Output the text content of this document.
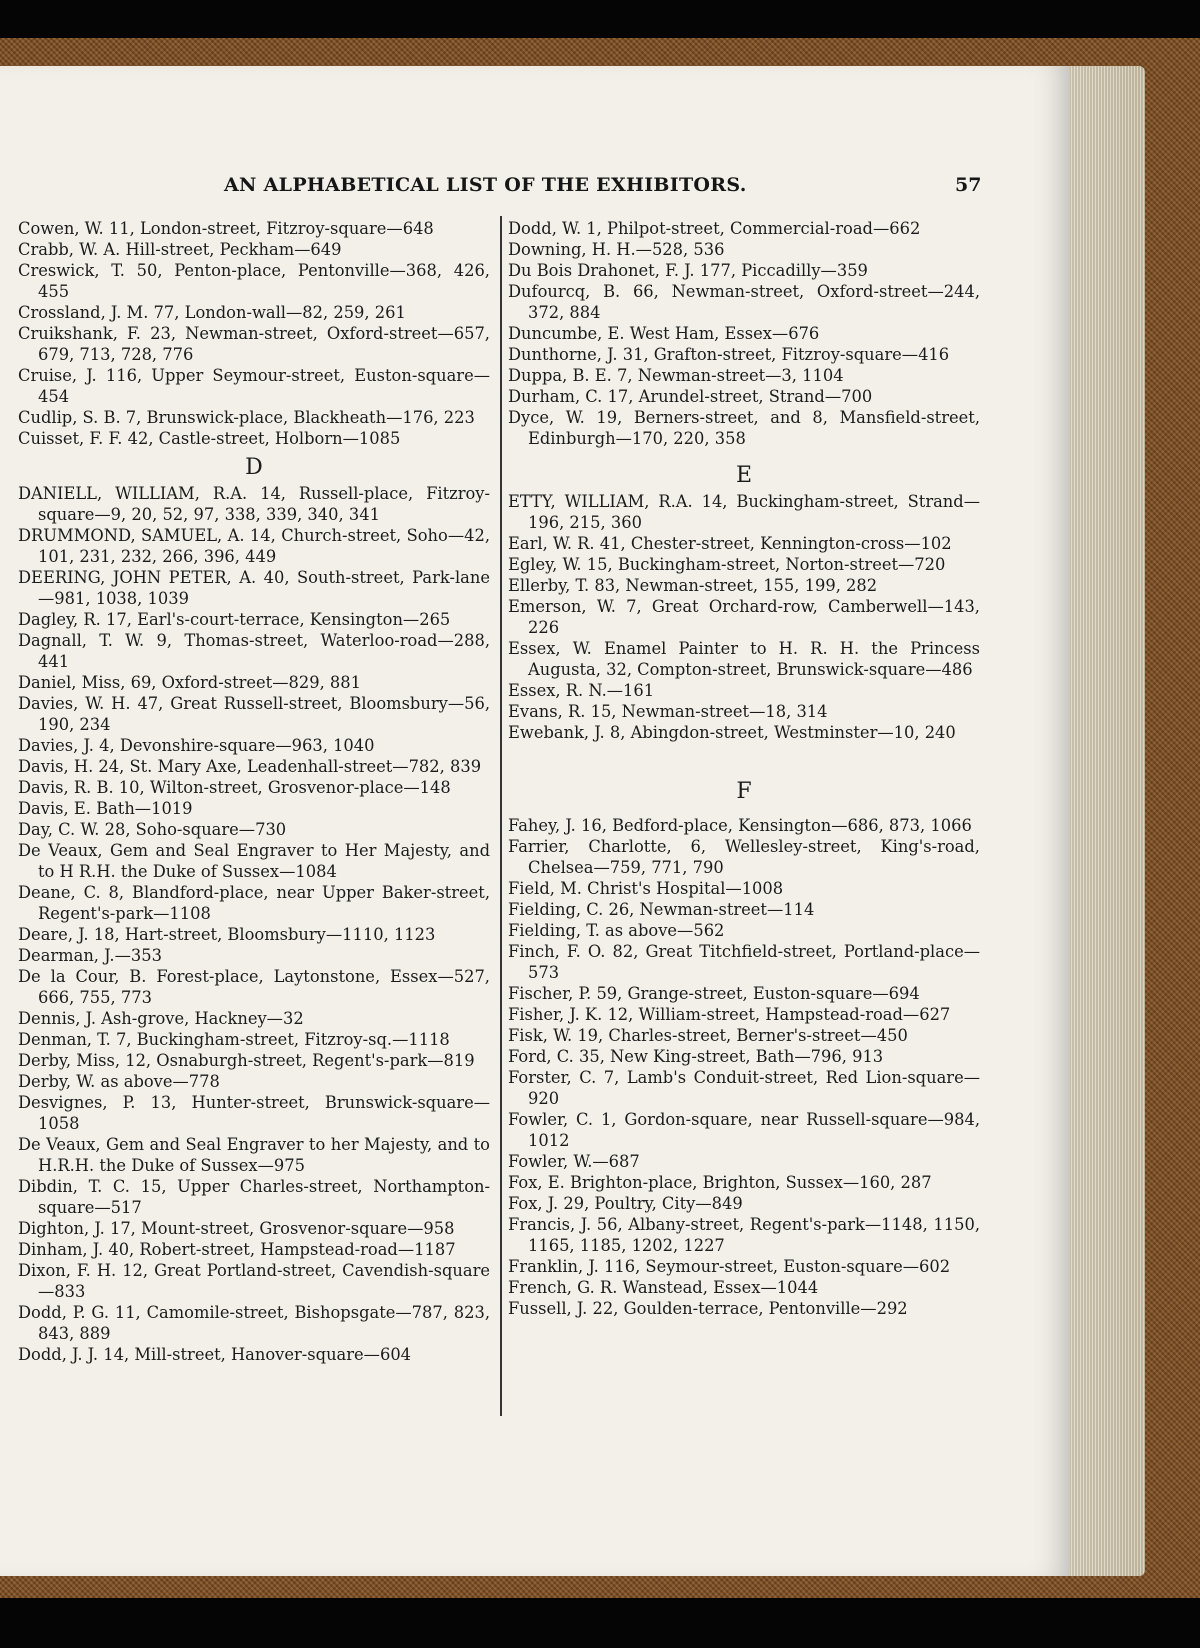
AN ALPHABETICAL LIST OF THE EXHIBITORS.	57

Cowen, W. 11, London-street, Fitzroy-square—648

Crabb, W. A. Hill-street, Peckham—649

Creswick, T. 50, Penton-place, Pentonville—368, 426, 455

Crossland, J. M. 77, London-wall—82, 259, 261

Cruikshank, F. 23, Newman-street, Oxford-street—657, 679, 713, 728, 776

Cruise, J. 116, Upper Seymour-street, Euston-square—454

Cudlip, S. B. 7, Brunswick-place, Blackheath—176, 223

Cuisset, F. F. 42, Castle-street, Holborn—1085

D

DANIELL, WILLIAM, R.A. 14, Russell-place, Fitzroy-square—9, 20, 52, 97, 338, 339, 340, 341

DRUMMOND, SAMUEL, A. 14, Church-street, Soho—42, 101, 231, 232, 266, 396, 449

DEERING, JOHN PETER, A. 40, South-street, Park-lane—981, 1038, 1039

Dagley, R. 17, Earl's-court-terrace, Kensington—265

Dagnall, T. W. 9, Thomas-street, Waterloo-road—288, 441

Daniel, Miss, 69, Oxford-street—829, 881

Davies, W. H. 47, Great Russell-street, Bloomsbury—56, 190, 234

Davies, J. 4, Devonshire-square—963, 1040

Davis, H. 24, St. Mary Axe, Leadenhall-street—782, 839

Davis, R. B. 10, Wilton-street, Grosvenor-place—148

Davis, E. Bath—1019

Day, C. W. 28, Soho-square—730

De Veaux, Gem and Seal Engraver to Her Majesty, and to H R.H. the Duke of Sussex—1084

Deane, C. 8, Blandford-place, near Upper Baker-street, Regent's-park—1108

Deare, J. 18, Hart-street, Bloomsbury—1110, 1123

Dearman, J.—353

De la Cour, B. Forest-place, Laytonstone, Essex—527, 666, 755, 773

Dennis, J. Ash-grove, Hackney—32

Denman, T. 7, Buckingham-street, Fitzroy-sq.—1118

Derby, Miss, 12, Osnaburgh-street, Regent's-park—819

Derby, W. as above—778

Desvignes, P. 13, Hunter-street, Brunswick-square—1058

De Veaux, Gem and Seal Engraver to her Majesty, and to H.R.H. the Duke of Sussex—975

Dibdin, T. C. 15, Upper Charles-street, Northampton-square—517

Dighton, J. 17, Mount-street, Grosvenor-square—958

Dinham, J. 40, Robert-street, Hampstead-road—1187

Dixon, F. H. 12, Great Portland-street, Cavendish-square—833

Dodd, P. G. 11, Camomile-street, Bishopsgate—787, 823, 843, 889

Dodd, J. J. 14, Mill-street, Hanover-square—604

Dodd, W. 1, Philpot-street, Commercial-road—662

Downing, H. H.—528, 536

Du Bois Drahonet, F. J. 177, Piccadilly—359

Dufourcq, B. 66, Newman-street, Oxford-street—244, 372, 884

Duncumbe, E. West Ham, Essex—676

Dunthorne, J. 31, Grafton-street, Fitzroy-square—416

Duppa, B. E. 7, Newman-street—3, 1104

Durham, C. 17, Arundel-street, Strand—700

Dyce, W. 19, Berners-street, and 8, Mansfield-street, Edinburgh—170, 220, 358

E

ETTY, WILLIAM, R.A. 14, Buckingham-street, Strand—196, 215, 360

Earl, W. R. 41, Chester-street, Kennington-cross—102

Egley, W. 15, Buckingham-street, Norton-street—720

Ellerby, T. 83, Newman-street, 155, 199, 282

Emerson, W. 7, Great Orchard-row, Camberwell—143, 226

Essex, W. Enamel Painter to H. R. H. the Princess Augusta, 32, Compton-street, Brunswick-square—486

Essex, R. N.—161

Evans, R. 15, Newman-street—18, 314

Ewebank, J. 8, Abingdon-street, Westminster—10, 240

F

Fahey, J. 16, Bedford-place, Kensington—686, 873, 1066

Farrier, Charlotte, 6, Wellesley-street, King's-road, Chelsea—759, 771, 790

Field, M. Christ's Hospital—1008

Fielding, C. 26, Newman-street—114

Fielding, T. as above—562

Finch, F. O. 82, Great Titchfield-street, Portland-place—573

Fischer, P. 59, Grange-street, Euston-square—694

Fisher, J. K. 12, William-street, Hampstead-road—627

Fisk, W. 19, Charles-street, Berner's-street—450

Ford, C. 35, New King-street, Bath—796, 913

Forster, C. 7, Lamb's Conduit-street, Red Lion-square—920

Fowler, C. 1, Gordon-square, near Russell-square—984, 1012

Fowler, W.—687

Fox, E. Brighton-place, Brighton, Sussex—160, 287

Fox, J. 29, Poultry, City—849

Francis, J. 56, Albany-street, Regent's-park—1148, 1150, 1165, 1185, 1202, 1227

Franklin, J. 116, Seymour-street, Euston-square—602

French, G. R. Wanstead, Essex—1044

Fussell, J. 22, Goulden-terrace, Pentonville—292
